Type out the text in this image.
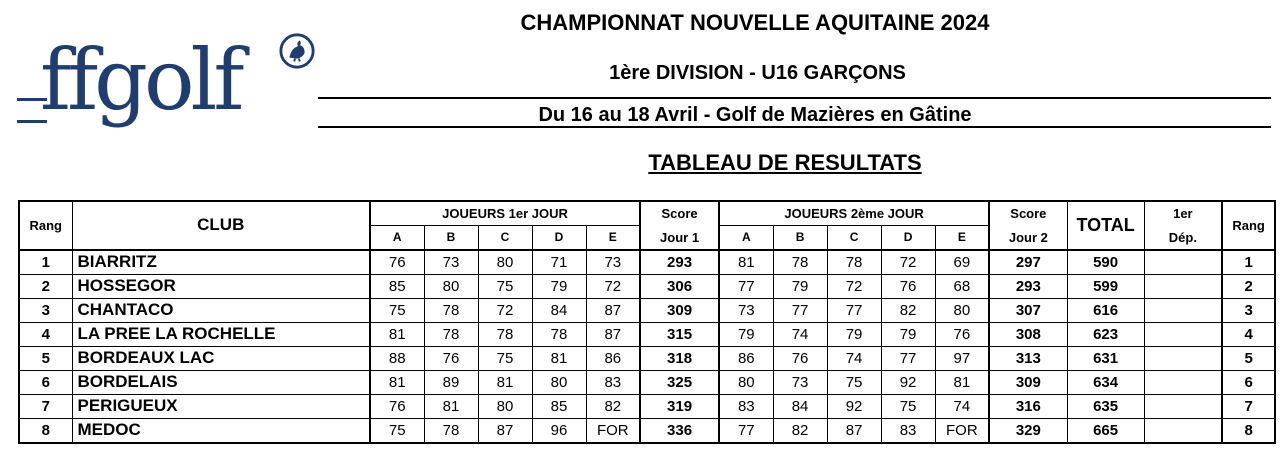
ffgolf
CHAMPIONNAT NOUVELLE AQUITAINE 2024
1ère DIVISION - U16 GARÇONS
Du 16 au 18 Avril - Golf de Mazières en Gâtine
TABLEAU DE RESULTATS
Rang	CLUB	JOUEURS 1er JOUR					Score	JOUEURS 2ème JOUR					Score	TOTAL	1er	Rang
		A	B	C	D	E	Jour 1	A	B	C	D	E	Jour 2		Dép.	
1	BIARRITZ	76	73	80	71	73	293	81	78	78	72	69	297	590		1
2	HOSSEGOR	85	80	75	79	72	306	77	79	72	76	68	293	599		2
3	CHANTACO	75	78	72	84	87	309	73	77	77	82	80	307	616		3
4	LA PREE LA ROCHELLE	81	78	78	78	87	315	79	74	79	79	76	308	623		4
5	BORDEAUX LAC	88	76	75	81	86	318	86	76	74	77	97	313	631		5
6	BORDELAIS	81	89	81	80	83	325	80	73	75	92	81	309	634		6
7	PERIGUEUX	76	81	80	85	82	319	83	84	92	75	74	316	635		7
8	MEDOC	75	78	87	96	FOR	336	77	82	87	83	FOR	329	665		8
